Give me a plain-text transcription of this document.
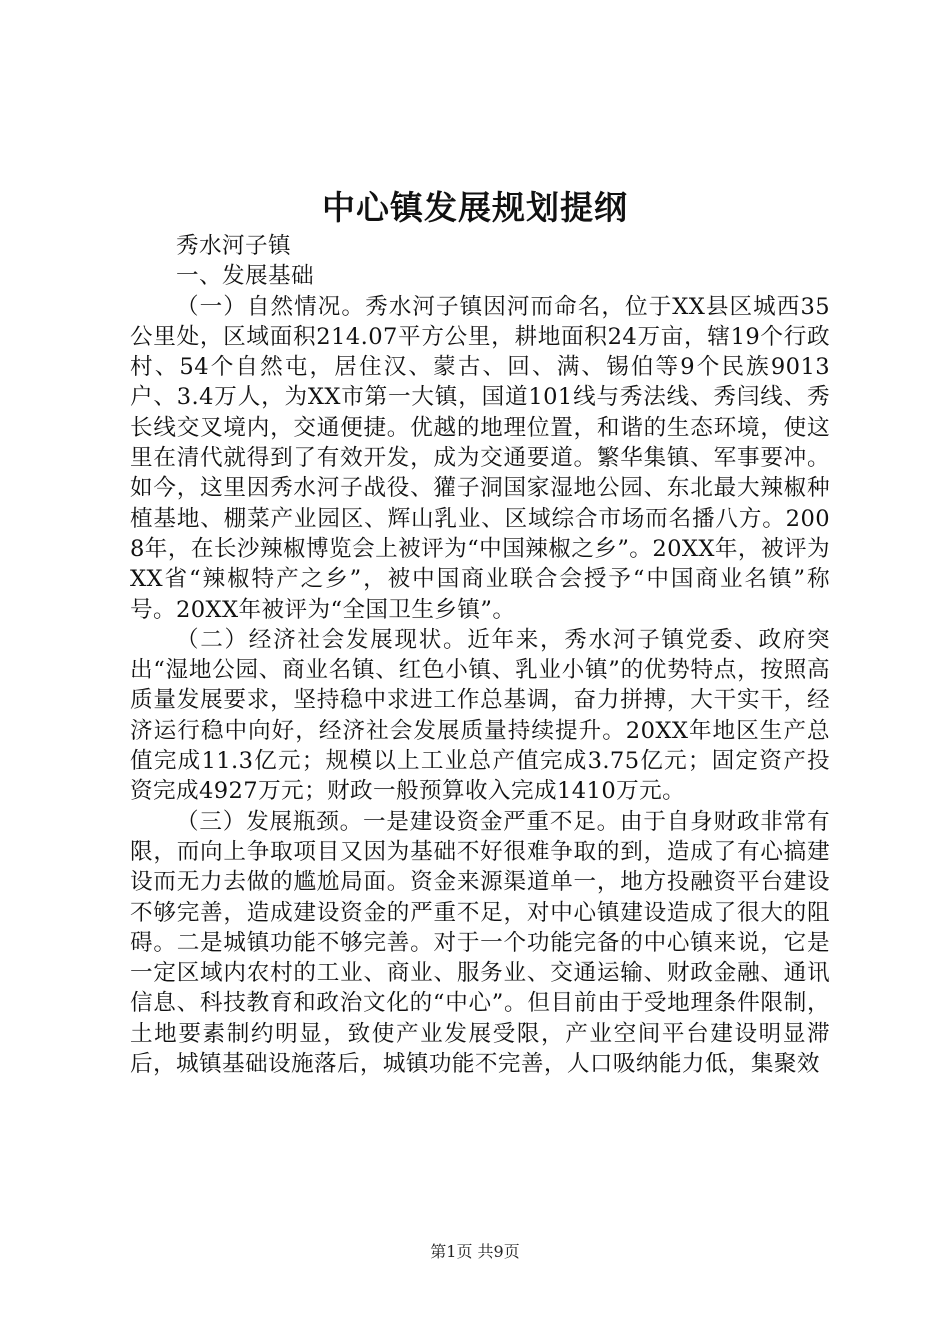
中心镇发展规划提纲

秀水河子镇

一、发展基础

（一）自然情况。秀水河子镇因河而命名，位于XX县区城西35公里处，区域面积214.07平方公里，耕地面积24万亩，辖19个行政村、54个自然屯，居住汉、蒙古、回、满、锡伯等9个民族9013户、3.4万人，为XX市第一大镇，国道101线与秀法线、秀闫线、秀长线交叉境内，交通便捷。优越的地理位置，和谐的生态环境，使这里在清代就得到了有效开发，成为交通要道。繁华集镇、军事要冲。如今，这里因秀水河子战役、獾子洞国家湿地公园、东北最大辣椒种植基地、棚菜产业园区、辉山乳业、区域综合市场而名播八方。2008年，在长沙辣椒博览会上被评为“中国辣椒之乡”。20XX年，被评为XX省“辣椒特产之乡”，被中国商业联合会授予“中国商业名镇”称号。20XX年被评为“全国卫生乡镇”。

（二）经济社会发展现状。近年来，秀水河子镇党委、政府突出“湿地公园、商业名镇、红色小镇、乳业小镇”的优势特点，按照高质量发展要求，坚持稳中求进工作总基调，奋力拼搏，大干实干，经济运行稳中向好，经济社会发展质量持续提升。20XX年地区生产总值完成11.3亿元；规模以上工业总产值完成3.75亿元；固定资产投资完成4927万元；财政一般预算收入完成1410万元。

（三）发展瓶颈。一是建设资金严重不足。由于自身财政非常有限，而向上争取项目又因为基础不好很难争取的到，造成了有心搞建设而无力去做的尴尬局面。资金来源渠道单一，地方投融资平台建设不够完善，造成建设资金的严重不足，对中心镇建设造成了很大的阻碍。二是城镇功能不够完善。对于一个功能完备的中心镇来说，它是一定区域内农村的工业、商业、服务业、交通运输、财政金融、通讯信息、科技教育和政治文化的“中心”。但目前由于受地理条件限制，土地要素制约明显，致使产业发展受限，产业空间平台建设明显滞后，城镇基础设施落后，城镇功能不完善，人口吸纳能力低，集聚效

第1页 共9页
